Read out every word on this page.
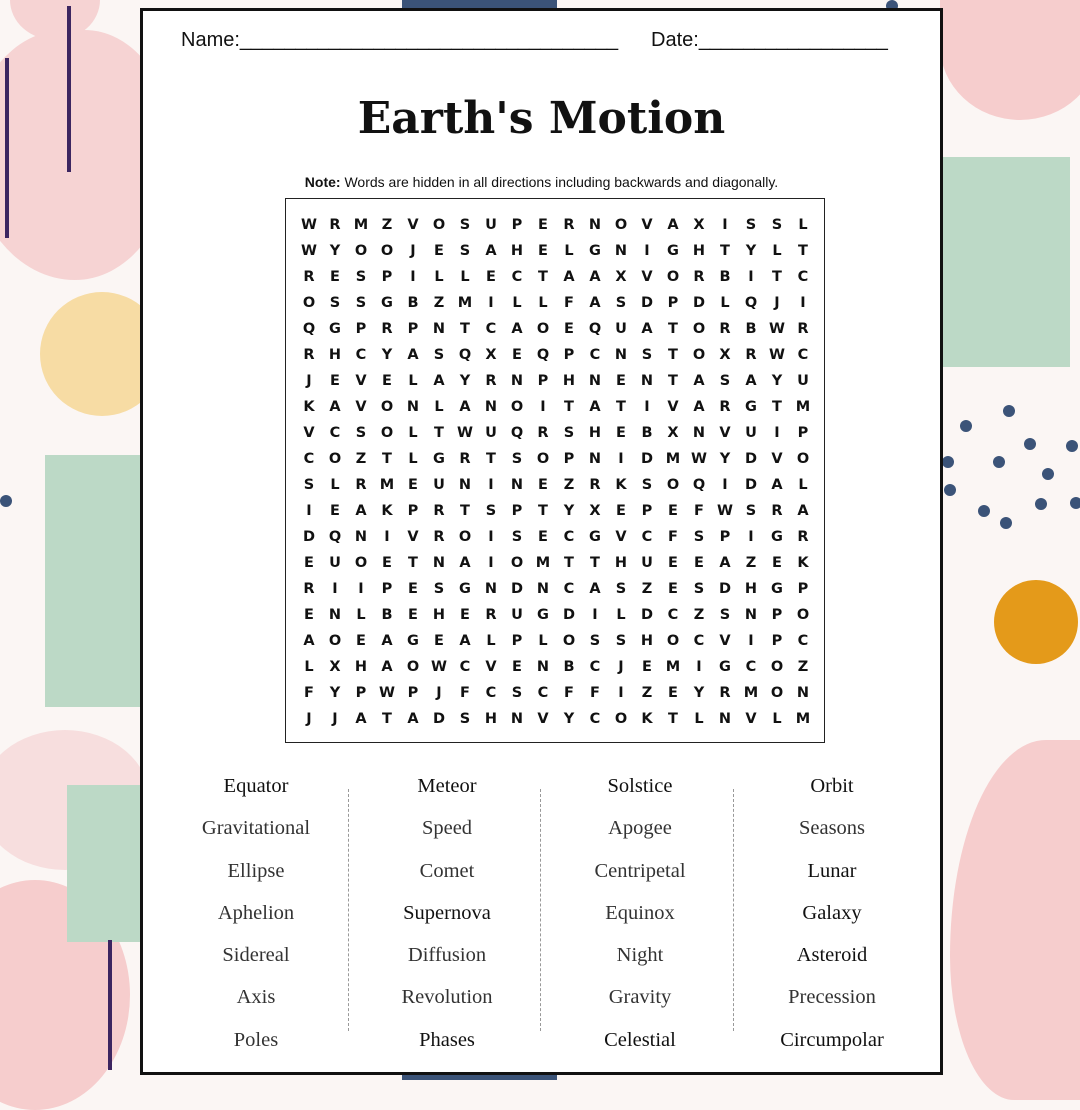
Name:__________________________________ Date:_________________
Earth's Motion
Note: Words are hidden in all directions including backwards and diagonally.
W R M Z	V O	S	U	P	E	R N O V	A	X	I	S	S	L
W Y	O O	J	E	S	A H	E	L	G N	I	G H	T	Y	L	T
R	E	S	P	I	L	L	E	C	T	A	A	X	V O R	B	I	T	C
O	S	S	G	B	Z M	I	L	L	F	A	S	D	P	D	L	Q	J	I
Q G	P	R	P	N	T	C	A O	E	Q U A	T	O R	B W R
R H	C	Y	A	S	Q X	E	Q	P	C	N	S	T	O X	R W C
J	E	V	E	L	A	Y	R N	P	H N	E	N	T	A	S	A	Y	U
K	A	V O N	L	A N O	I	T	A	T	I	V	A	R G	T M
V	C	S	O	L	T W U Q R	S	H	E	B	X N V	U	I	P
C	O	Z	T	L	G R	T	S	O	P	N	I	D M W Y	D V O
S	L	R M E	U N	I	N	E	Z	R	K	S	O Q	I	D A	L
I	E	A	K	P	R	T	S	P	T	Y	X	E	P	E	F W S	R	A
D Q N	I	V	R O	I	S	E	C	G V	C	F	S	P	I	G R
E	U O	E	T	N A	I	O M T	T	H U	E	E	A	Z	E	K
R	I	I	P	E	S	G N D N	C	A	S	Z	E	S	D H G	P
E	N	L	B	E	H	E	R	U G D	I	L	D	C	Z	S	N	P	O
A O	E	A G	E	A	L	P	L	O	S	S	H O	C	V	I	P	C
L	X H A O W C	V	E	N B	C	J	E M	I	G	C	O	Z
F	Y	P W P	J	F	C	S	C	F	F	I	Z	E	Y	R M O N
J	J	A	T	A D	S	H N V	Y	C	O K	T	L	N V	L M
Equator
Gravitational
Ellipse
Aphelion
Sidereal
Axis
Poles
Meteor
Speed
Comet
Supernova
Diffusion
Revolution
Phases
Solstice
Apogee
Centripetal
Equinox
Night
Gravity
Celestial
Orbit
Seasons
Lunar
Galaxy
Asteroid
Precession
Circumpolar
